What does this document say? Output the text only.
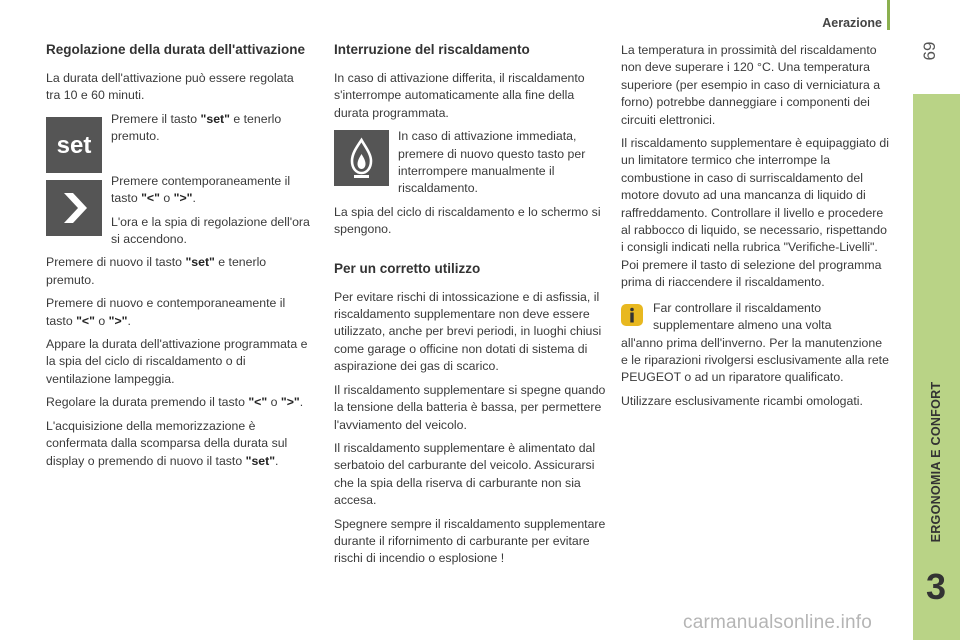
Aerazione
69
ERGONOMIA E CONFORT
3
Regolazione della durata dell'attivazione

La durata dell'attivazione può essere regolata tra 10 e 60 minuti.

set

Premere il tasto "set" e tenerlo premuto.

Premere contemporaneamente il tasto "<" o ">".

L'ora e la spia di regolazione dell'ora si accendono.

Premere di nuovo il tasto "set" e tenerlo premuto.

Premere di nuovo e contemporaneamente il tasto "<" o ">".

Appare la durata dell'attivazione programmata e la spia del ciclo di riscaldamento o di ventilazione lampeggia.

Regolare la durata premendo il tasto "<" o ">".

L'acquisizione della memorizzazione è confermata dalla scomparsa della durata sul display o premendo di nuovo il tasto "set".

Interruzione del riscaldamento

In caso di attivazione differita, il riscaldamento s'interrompe automaticamente alla fine della durata programmata.

In caso di attivazione immediata, premere di nuovo questo tasto per interrompere manualmente il riscaldamento.

La spia del ciclo di riscaldamento e lo schermo si spengono.

Per un corretto utilizzo

Per evitare rischi di intossicazione e di asfissia, il riscaldamento supplementare non deve essere utilizzato, anche per brevi periodi, in luoghi chiusi come garage o officine non dotati di sistema di aspirazione dei gas di scarico.

Il riscaldamento supplementare si spegne quando la tensione della batteria è bassa, per permettere l'avviamento del veicolo.

Il riscaldamento supplementare è alimentato dal serbatoio del carburante del veicolo. Assicurarsi che la spia della riserva di carburante non sia accesa.

Spegnere sempre il riscaldamento supplementare durante il rifornimento di carburante per evitare rischi di incendio o esplosione !

La temperatura in prossimità del riscaldamento non deve superare i 120 °C. Una temperatura superiore (per esempio in caso di verniciatura a forno) potrebbe danneggiare i componenti dei circuiti elettronici.

Il riscaldamento supplementare è equipaggiato di un limitatore termico che interrompe la combustione in caso di surriscaldamento del motore dovuto ad una mancanza di liquido di raffreddamento. Controllare il livello e procedere al rabbocco di liquido, se necessario, rispettando i consigli indicati nella rubrica "Verifiche-Livelli". Poi premere il tasto di selezione del programma prima di riaccendere il riscaldamento.

Far controllare il riscaldamento supplementare almeno una volta

all'anno prima dell'inverno. Per la manutenzione e le riparazioni rivolgersi esclusivamente alla rete PEUGEOT o ad un riparatore qualificato.

Utilizzare esclusivamente ricambi omologati.

carmanualsonline.info
